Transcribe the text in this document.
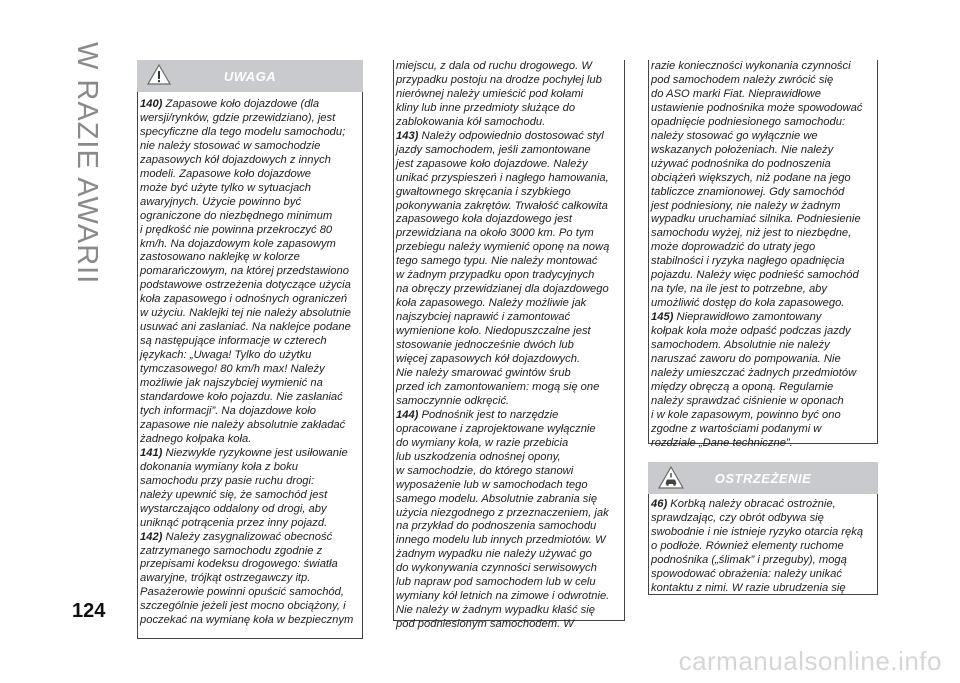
W RAZIE AWARII
124
UWAGA

140) Zapasowe koło dojazdowe (dla
wersji/rynków, gdzie przewidziano), jest
specyficzne dla tego modelu samochodu;
nie należy stosować w samochodzie
zapasowych kół dojazdowych z innych
modeli. Zapasowe koło dojazdowe
może być użyte tylko w sytuacjach
awaryjnych. Użycie powinno być
ograniczone do niezbędnego minimum
i prędkość nie powinna przekroczyć 80
km/h. Na dojazdowym kole zapasowym
zastosowano naklejkę w kolorze
pomarańczowym, na której przedstawiono
podstawowe ostrzeżenia dotyczące użycia
koła zapasowego i odnośnych ograniczeń
w użyciu. Naklejki tej nie należy absolutnie
usuwać ani zasłaniać. Na naklejce podane
są następujące informacje w czterech
językach: „Uwaga! Tylko do użytku
tymczasowego! 80 km/h max! Należy
możliwie jak najszybciej wymienić na
standardowe koło pojazdu. Nie zasłaniać
tych informacji”. Na dojazdowe koło
zapasowe nie należy absolutnie zakładać
żadnego kołpaka koła.

141) Niezwykle ryzykowne jest usiłowanie
dokonania wymiany koła z boku
samochodu przy pasie ruchu drogi:
należy upewnić się, że samochód jest
wystarczająco oddalony od drogi, aby
uniknąć potrącenia przez inny pojazd.

142) Należy zasygnalizować obecność
zatrzymanego samochodu zgodnie z
przepisami kodeksu drogowego: światła
awaryjne, trójkąt ostrzegawczy itp.
Pasażerowie powinni opuścić samochód,
szczególnie jeżeli jest mocno obciążony, i
poczekać na wymianę koła w bezpiecznym

miejscu, z dala od ruchu drogowego. W
przypadku postoju na drodze pochyłej lub
nierównej należy umieścić pod kołami
kliny lub inne przedmioty służące do
zablokowania kół samochodu.

143) Należy odpowiednio dostosować styl
jazdy samochodem, jeśli zamontowane
jest zapasowe koło dojazdowe. Należy
unikać przyspieszeń i nagłego hamowania,
gwałtownego skręcania i szybkiego
pokonywania zakrętów. Trwałość całkowita
zapasowego koła dojazdowego jest
przewidziana na około 3000 km. Po tym
przebiegu należy wymienić oponę na nową
tego samego typu. Nie należy montować
w żadnym przypadku opon tradycyjnych
na obręczy przewidzianej dla dojazdowego
koła zapasowego. Należy możliwie jak
najszybciej naprawić i zamontować
wymienione koło. Niedopuszczalne jest
stosowanie jednocześnie dwóch lub
więcej zapasowych kół dojazdowych.
Nie należy smarować gwintów śrub
przed ich zamontowaniem: mogą się one
samoczynnie odkręcić.

144) Podnośnik jest to narzędzie
opracowane i zaprojektowane wyłącznie
do wymiany koła, w razie przebicia
lub uszkodzenia odnośnej opony,
w samochodzie, do którego stanowi
wyposażenie lub w samochodach tego
samego modelu. Absolutnie zabrania się
użycia niezgodnego z przeznaczeniem, jak
na przykład do podnoszenia samochodu
innego modelu lub innych przedmiotów. W
żadnym wypadku nie należy używać go
do wykonywania czynności serwisowych
lub napraw pod samochodem lub w celu
wymiany kół letnich na zimowe i odwrotnie.
Nie należy w żadnym wypadku kłaść się
pod podniesionym samochodem. W

razie konieczności wykonania czynności
pod samochodem należy zwrócić się
do ASO marki Fiat. Nieprawidłowe
ustawienie podnośnika może spowodować
opadnięcie podniesionego samochodu:
należy stosować go wyłącznie we
wskazanych położeniach. Nie należy
używać podnośnika do podnoszenia
obciążeń większych, niż podane na jego
tabliczce znamionowej. Gdy samochód
jest podniesiony, nie należy w żadnym
wypadku uruchamiać silnika. Podniesienie
samochodu wyżej, niż jest to niezbędne,
może doprowadzić do utraty jego
stabilności i ryzyka nagłego opadnięcia
pojazdu. Należy więc podnieść samochód
na tyle, na ile jest to potrzebne, aby
umożliwić dostęp do koła zapasowego.

145) Nieprawidłowo zamontowany
kołpak koła może odpaść podczas jazdy
samochodem. Absolutnie nie należy
naruszać zaworu do pompowania. Nie
należy umieszczać żadnych przedmiotów
między obręczą a oponą. Regularnie
należy sprawdzać ciśnienie w oponach
i w kole zapasowym, powinno być ono
zgodne z wartościami podanymi w
rozdziale „Dane techniczne”.

OSTRZEŻENIE

46) Korbką należy obracać ostrożnie,
sprawdzając, czy obrót odbywa się
swobodnie i nie istnieje ryzyko otarcia ręką
o podłoże. Również elementy ruchome
podnośnika („ślimak” i przeguby), mogą
spowodować obrażenia: należy unikać
kontaktu z nimi. W razie ubrudzenia się

carmanualsonline.info
